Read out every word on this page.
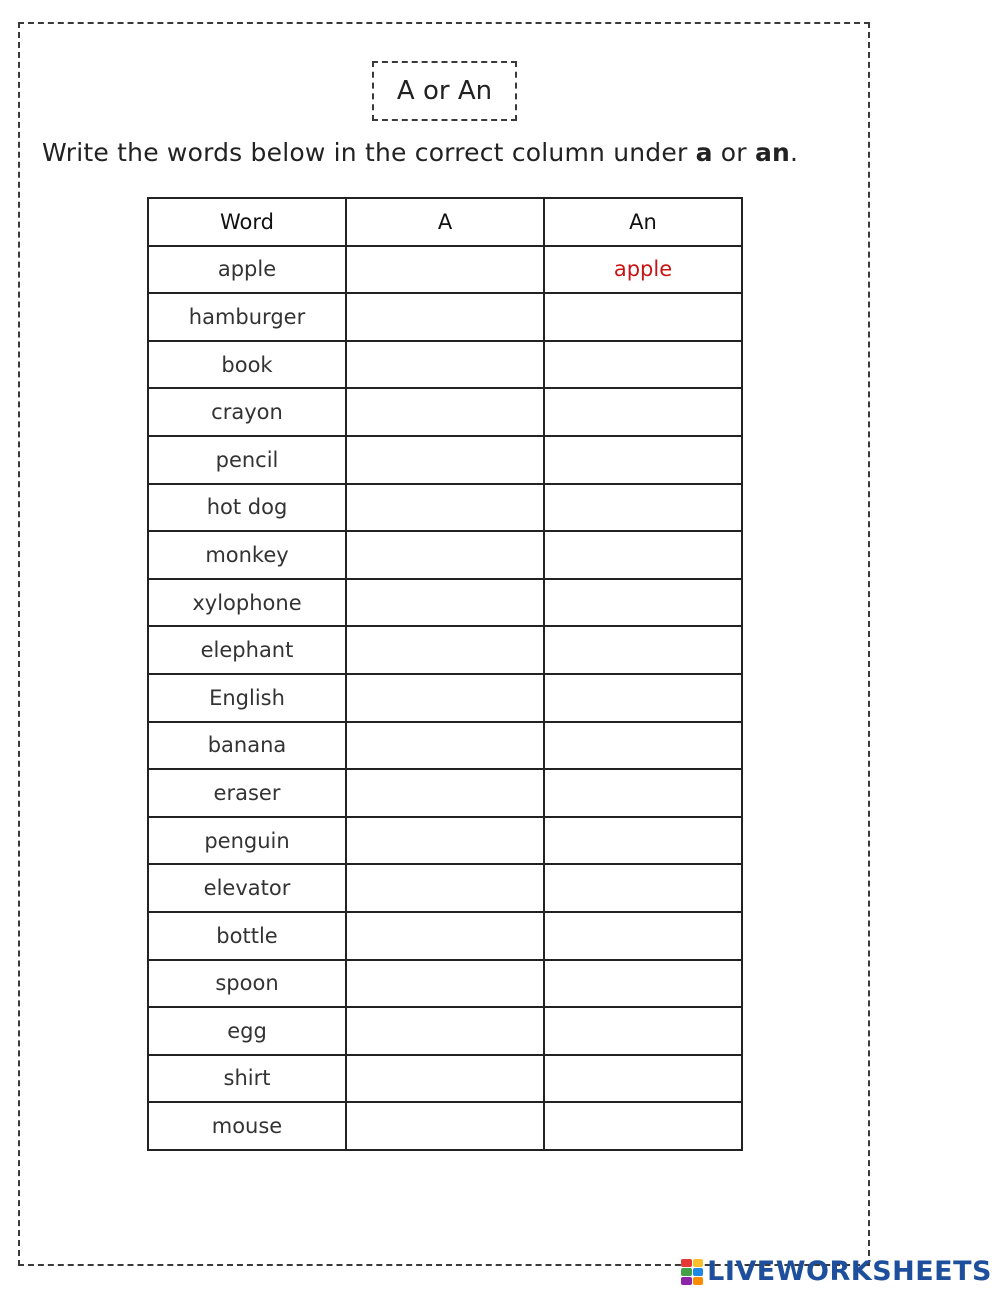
A or An
Write the words below in the correct column under a or an.
Word	A	An
apple		apple
hamburger		
book		
crayon		
pencil		
hot dog		
monkey		
xylophone		
elephant		
English		
banana		
eraser		
penguin		
elevator		
bottle		
spoon		
egg		
shirt		
mouse		
LIVEWORKSHEETS
